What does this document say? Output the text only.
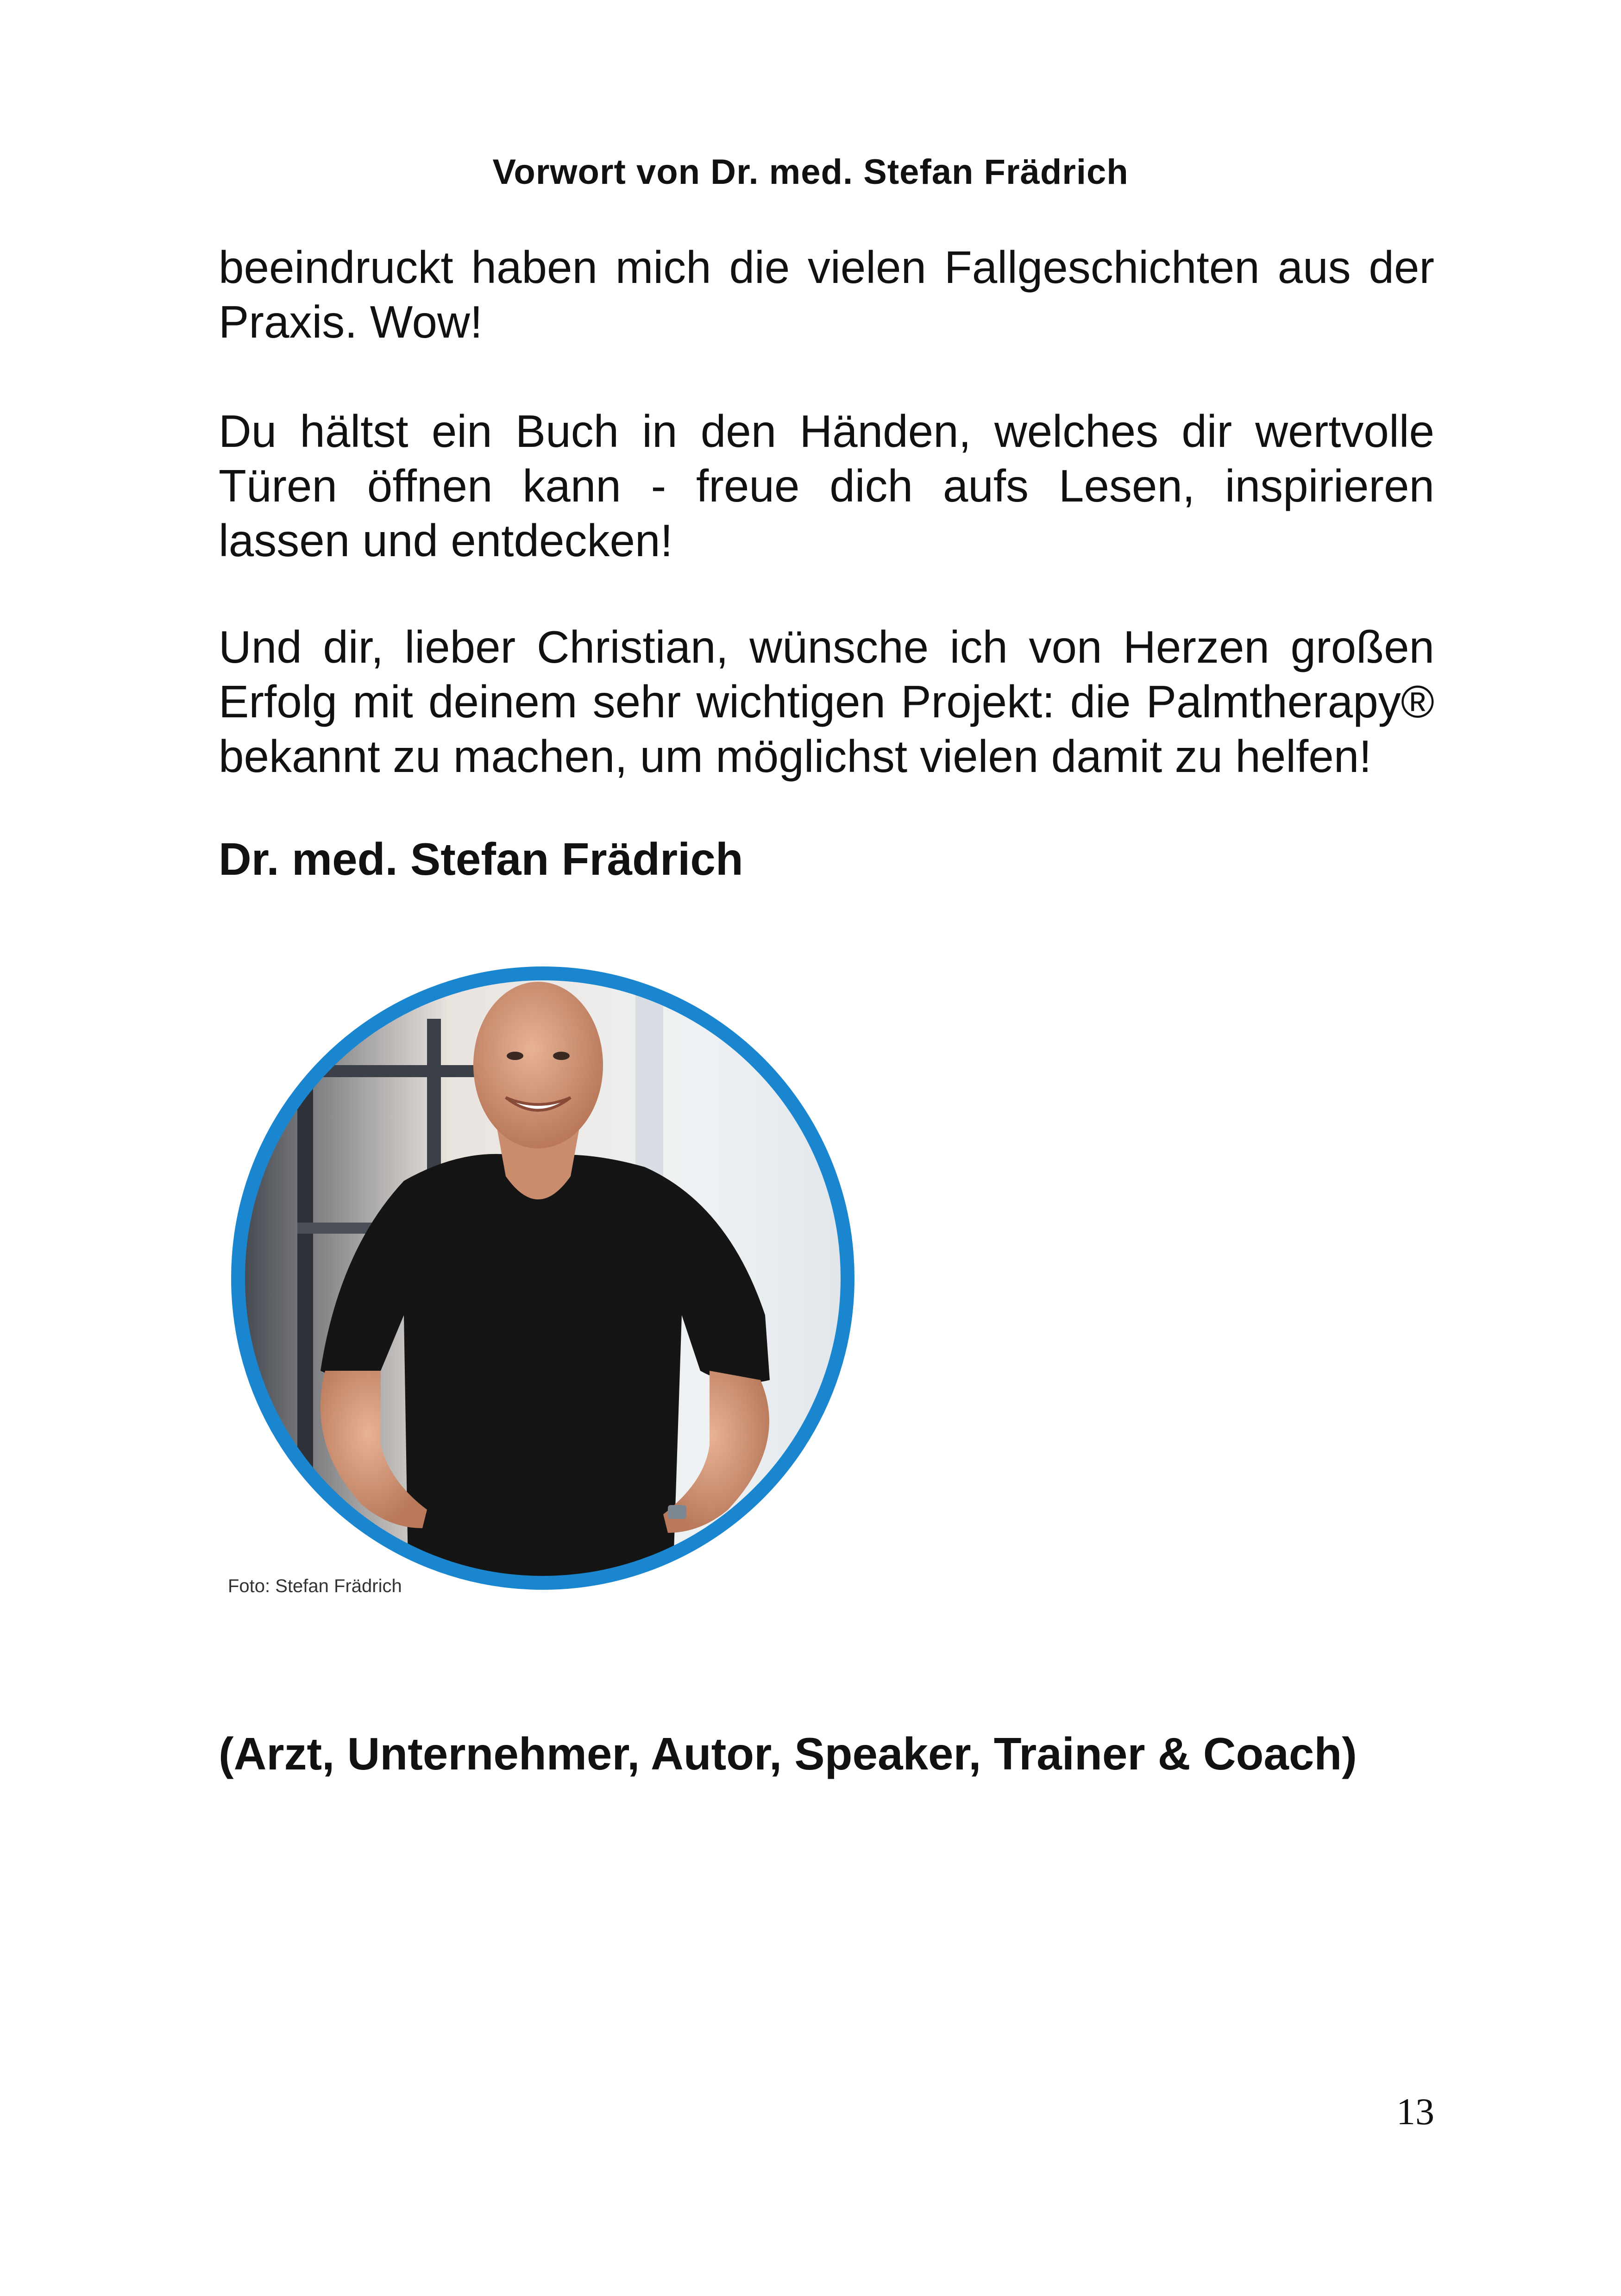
Vorwort von Dr. med. Stefan Frädrich
beeindruckt haben mich die vielen Fallgeschichten aus der Praxis. Wow!
Du hältst ein Buch in den Händen, welches dir wertvolle Türen öffnen kann - freue dich aufs Lesen, inspirieren lassen und entdecken!
Und dir, lieber Christian, wünsche ich von Herzen großen Erfolg mit deinem sehr wichtigen Projekt: die Palmtherapy® bekannt zu machen, um möglichst vielen damit zu helfen!
Dr. med. Stefan Frädrich
Foto: Stefan Frädrich
(Arzt, Unternehmer, Autor, Speaker, Trainer & Coach)
13
